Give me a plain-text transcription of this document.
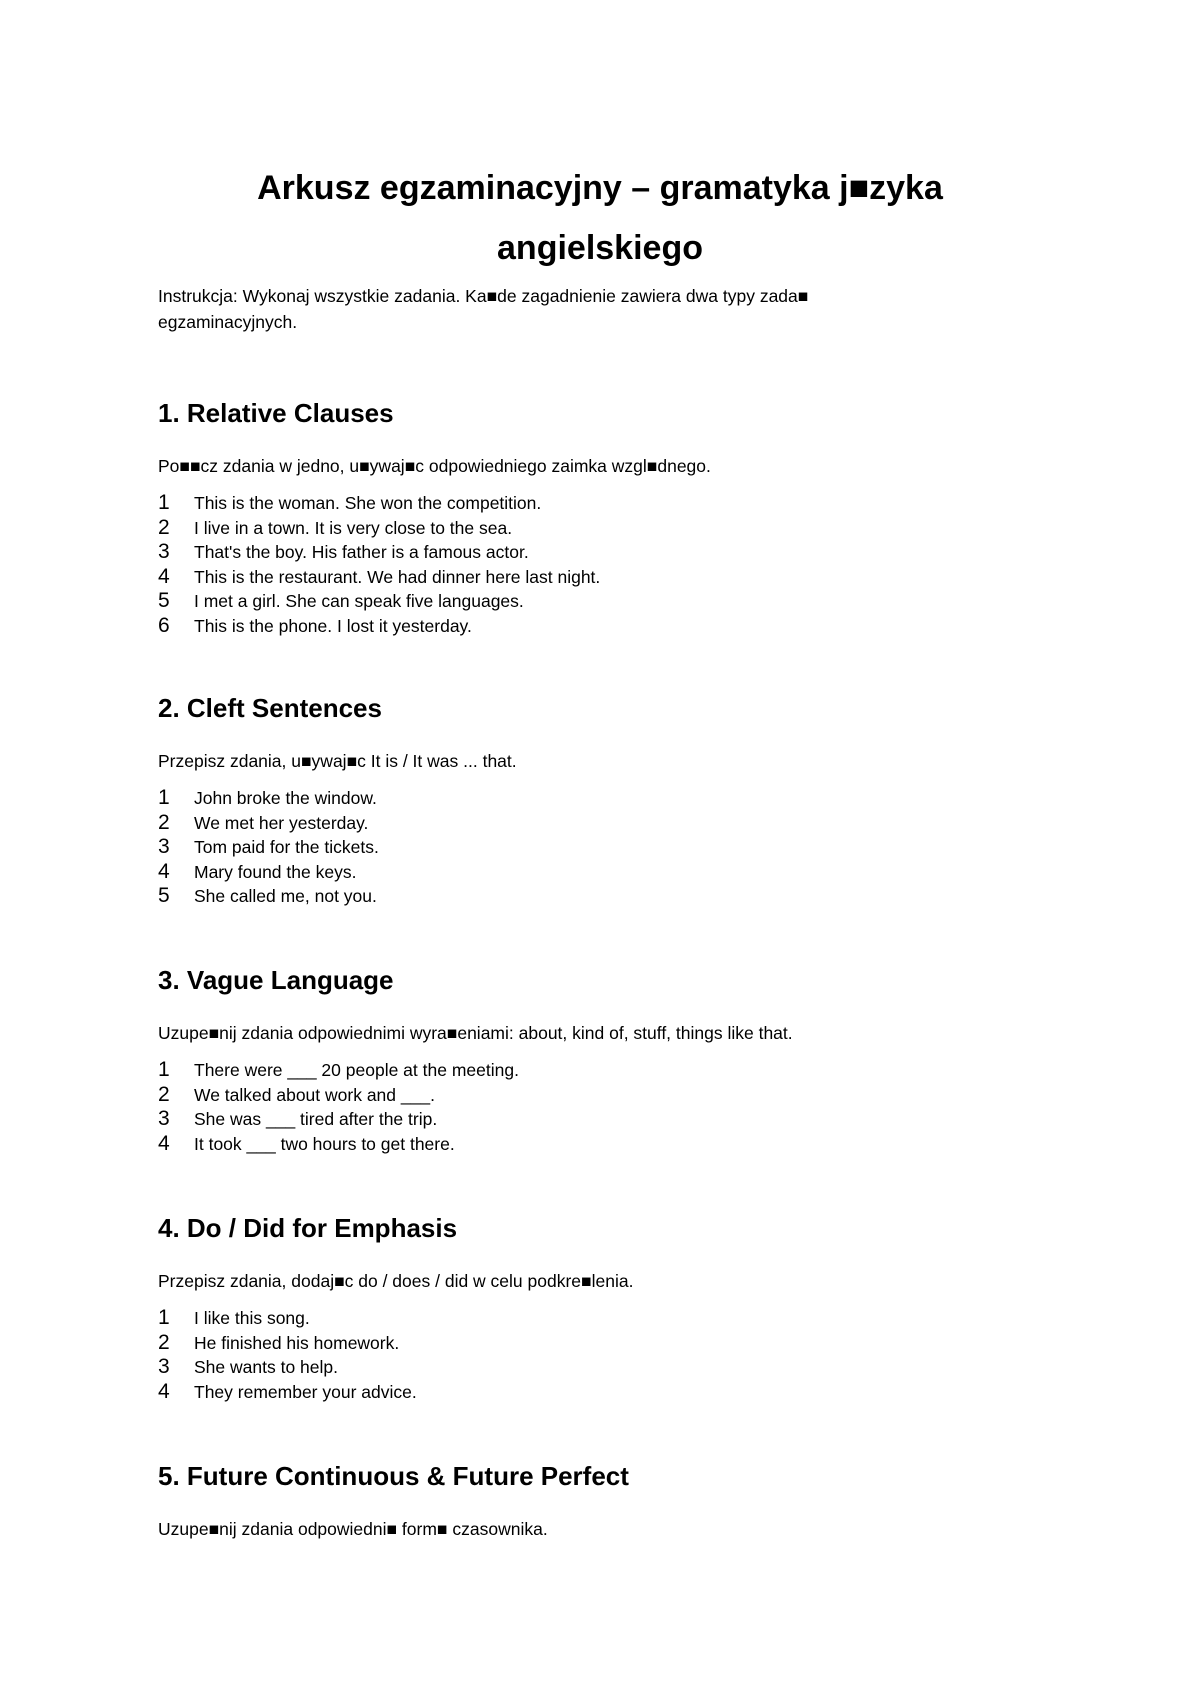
Arkusz egzaminacyjny – gramatyka j■zyka
angielskiego

Instrukcja: Wykonaj wszystkie zadania. Ka■de zagadnienie zawiera dwa typy zada■
egzaminacyjnych.

1. Relative Clauses

Po■■cz zdania w jedno, u■ywaj■c odpowiedniego zaimka wzgl■dnego.

1	This is the woman. She won the competition.
2	I live in a town. It is very close to the sea.
3	That's the boy. His father is a famous actor.
4	This is the restaurant. We had dinner here last night.
5	I met a girl. She can speak five languages.
6	This is the phone. I lost it yesterday.
2. Cleft Sentences

Przepisz zdania, u■ywaj■c It is / It was ... that.

1	John broke the window.
2	We met her yesterday.
3	Tom paid for the tickets.
4	Mary found the keys.
5	She called me, not you.
3. Vague Language

Uzupe■nij zdania odpowiednimi wyra■eniami: about, kind of, stuff, things like that.

1	There were ___ 20 people at the meeting.
2	We talked about work and ___.
3	She was ___ tired after the trip.
4	It took ___ two hours to get there.
4. Do / Did for Emphasis

Przepisz zdania, dodaj■c do / does / did w celu podkre■lenia.

1	I like this song.
2	He finished his homework.
3	She wants to help.
4	They remember your advice.
5. Future Continuous & Future Perfect

Uzupe■nij zdania odpowiedni■ form■ czasownika.
